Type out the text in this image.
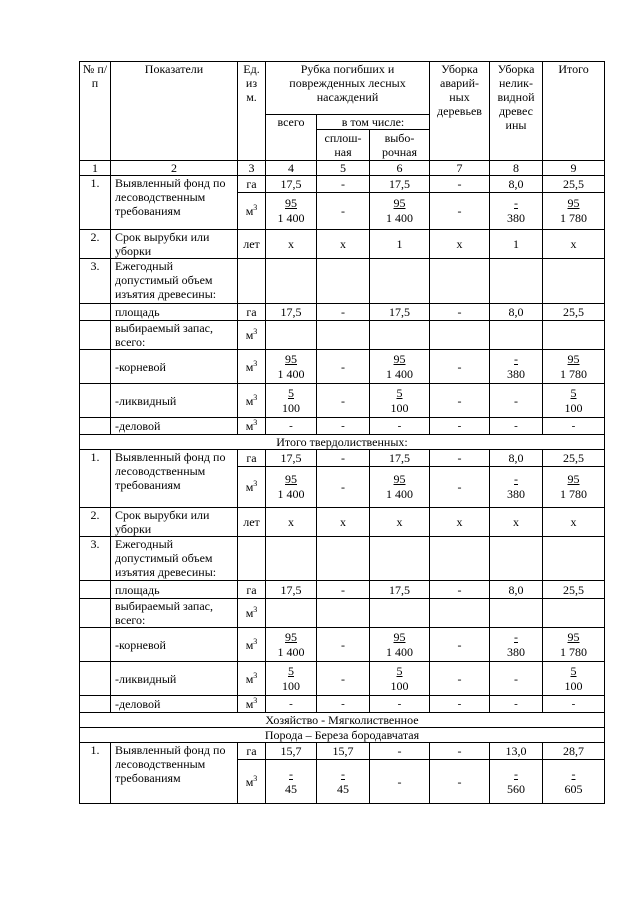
№ п/п	Показатели	Ед. из м.	Рубка погибших и поврежденных лесных насаждений			Уборка аварий-ных деревьев	Уборка нелик-видной древес ины	Итого
			всего	в том числе:				
				сплош-ная	выбо-рочная			
1	2	3	4	5	6	7	8	9
1.	Выявленный фонд по лесоводственным требованиям	га	17,5	-	17,5	-	8,0	25,5
		$м^3$	$\frac{95}{1 400}$	-	$\frac{95}{1 400}$	-	$\frac{-}{380}$	$\frac{95}{1 780}$

2.	Срок вырубки или уборки	лет	х	х	1	х	1	х
3.	Ежегодный допустимый объем изъятия древесины:							
	площадь	га	17,5	-	17,5	-	8,0	25,5
	выбираемый запас, всего:	$м^3$						
	-корневой	$м^3$	$\frac{95}{1 400}$	-	$\frac{95}{1 400}$	-	$\frac{-}{380}$	$\frac{95}{1 780}$

	-ликвидный	$м^3$	$\frac{5}{100}$	-	$\frac{5}{100}$	-	-	$\frac{5}{100}$

	-деловой	$м^3$	-	-	-	-	-	-
Итого твердолиственных:								
1.	Выявленный фонд по лесоводственным требованиям	га	17,5	-	17,5	-	8,0	25,5
		$м^3$	$\frac{95}{1 400}$	-	$\frac{95}{1 400}$	-	$\frac{-}{380}$	$\frac{95}{1 780}$

2.	Срок вырубки или уборки	лет	х	х	х	х	х	х
3.	Ежегодный допустимый объем изъятия древесины:							
	площадь	га	17,5	-	17,5	-	8,0	25,5
	выбираемый запас, всего:	$м^3$						
	-корневой	$м^3$	$\frac{95}{1 400}$	-	$\frac{95}{1 400}$	-	$\frac{-}{380}$	$\frac{95}{1 780}$

	-ликвидный	$м^3$	$\frac{5}{100}$	-	$\frac{5}{100}$	-	-	$\frac{5}{100}$

	-деловой	$м^3$	-	-	-	-	-	-
Хозяйство - Мягколиственное								
Порода – Береза бородавчатая								
1.	Выявленный фонд по лесоводственным требованиям	га	15,7	15,7	-	-	13,0	28,7
		$м^3$	$\frac{-}{45}$	$\frac{-}{45}$	-	-	$\frac{-}{560}$	$\frac{-}{605}$
